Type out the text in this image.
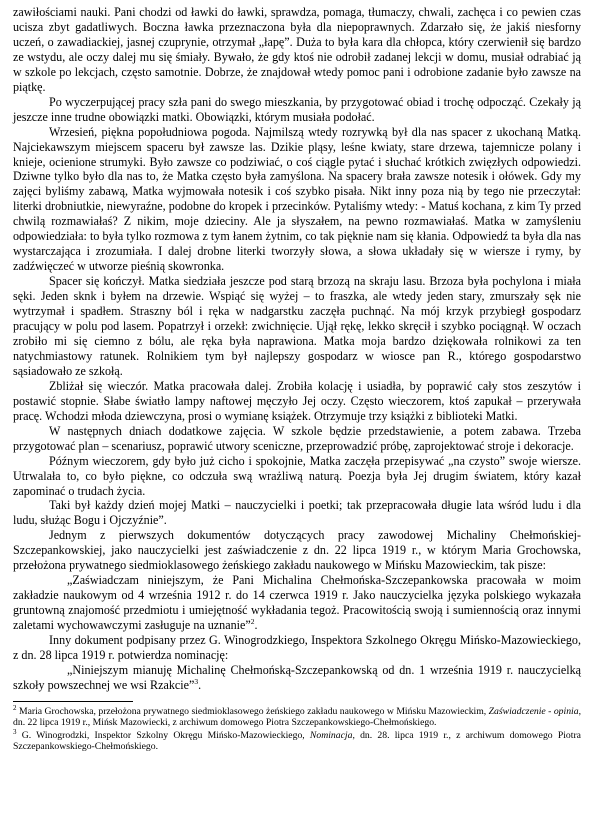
zawiłościami nauki. Pani chodzi od ławki do ławki, sprawdza, pomaga, tłumaczy, chwali, zachęca i co pewien czas ucisza zbyt gadatliwych. Boczna ławka przeznaczona była dla niepoprawnych. Zdarzało się, że jakiś niesforny uczeń, o zawadiackiej, jasnej czuprynie, otrzymał „łapę”. Duża to była kara dla chłopca, który czerwienił się bardzo ze wstydu, ale oczy dalej mu się śmiały. Bywało, że gdy ktoś nie odrobił zadanej lekcji w domu, musiał odrabiać ją w szkole po lekcjach, często samotnie. Dobrze, że znajdował wtedy pomoc pani i odrobione zadanie było zawsze na piątkę.

Po wyczerpującej pracy szła pani do swego mieszkania, by przygotować obiad i trochę odpocząć. Czekały ją jeszcze inne trudne obowiązki matki. Obowiązki, którym musiała podołać.

Wrzesień, piękna popołudniowa pogoda. Najmilszą wtedy rozrywką był dla nas spacer z ukochaną Matką. Najciekawszym miejscem spaceru był zawsze las. Dzikie pląsy, leśne kwiaty, stare drzewa, tajemnicze polany i knieje, ocienione strumyki. Było zawsze co podziwiać, o coś ciągle pytać i słuchać krótkich zwięzłych odpowiedzi. Dziwne tylko było dla nas to, że Matka często była zamyślona. Na spacery brała zawsze notesik i ołówek. Gdy my zajęci byliśmy zabawą, Matka wyjmowała notesik i coś szybko pisała. Nikt inny poza nią by tego nie przeczytał: literki drobniutkie, niewyraźne, podobne do kropek i przecinków. Pytaliśmy wtedy: - Matuś kochana, z kim Ty przed chwilą rozmawiałaś? Z nikim, moje dzieciny. Ale ja słyszałem, na pewno rozmawiałaś. Matka w zamyśleniu odpowiedziała: to była tylko rozmowa z tym łanem żytnim, co tak pięknie nam się kłania. Odpowiedź ta była dla nas wystarczająca i zrozumiała. I dalej drobne literki tworzyły słowa, a słowa układały się w wiersze i rymy, by zadźwięczeć w utworze pieśnią skowronka.

Spacer się kończył. Matka siedziała jeszcze pod starą brzozą na skraju lasu. Brzoza była pochylona i miała sęki. Jeden sknk i byłem na drzewie. Wspiąć się wyżej – to fraszka, ale wtedy jeden stary, zmurszały sęk nie wytrzymał i spadłem. Straszny ból i ręka w nadgarstku zaczęła puchnąć. Na mój krzyk przybiegł gospodarz pracujący w polu pod lasem. Popatrzył i orzekł: zwichnięcie. Ujął rękę, lekko skręcił i szybko pociągnął. W oczach zrobiło mi się ciemno z bólu, ale ręka była naprawiona. Matka moja bardzo dziękowała rolnikowi za ten natychmiastowy ratunek. Rolnikiem tym był najlepszy gospodarz w wiosce pan R., którego gospodarstwo sąsiadowało ze szkołą.

Zbliżał się wieczór. Matka pracowała dalej. Zrobiła kolację i usiadła, by poprawić cały stos zeszytów i postawić stopnie. Słabe światło lampy naftowej męczyło Jej oczy. Często wieczorem, ktoś zapukał – przerywała pracę. Wchodzi młoda dziewczyna, prosi o wymianę książek. Otrzymuje trzy książki z biblioteki Matki.

W następnych dniach dodatkowe zajęcia. W szkole będzie przedstawienie, a potem zabawa. Trzeba przygotować plan – scenariusz, poprawić utwory sceniczne, przeprowadzić próbę, zaprojektować stroje i dekoracje.

Późnym wieczorem, gdy było już cicho i spokojnie, Matka zaczęła przepisywać „na czysto” swoje wiersze. Utrwalała to, co było piękne, co odczuła swą wrażliwą naturą. Poezja była Jej drugim światem, który kazał zapominać o trudach życia.

Taki był każdy dzień mojej Matki – nauczycielki i poetki; tak przepracowała długie lata wśród ludu i dla ludu, służąc Bogu i Ojczyźnie”.

Jednym z pierwszych dokumentów dotyczących pracy zawodowej Michaliny Chełmońskiej-Szczepankowskiej, jako nauczycielki jest zaświadczenie z dn. 22 lipca 1919 r., w którym Maria Grochowska, przełożona prywatnego siedmioklasowego żeńskiego zakładu naukowego w Mińsku Mazowieckim, tak pisze:

„Zaświadczam niniejszym, że Pani Michalina Chełmońska-Szczepankowska pracowała w moim zakładzie naukowym od 4 września 1912 r. do 14 czerwca 1919 r. Jako nauczycielka języka polskiego wykazała gruntowną znajomość przedmiotu i umiejętność wykładania tegoż. Pracowitością swoją i sumiennością oraz innymi zaletami wychowawczymi zasługuje na uznanie”$^2$.

Inny dokument podpisany przez G. Winogrodzkiego, Inspektora Szkolnego Okręgu Mińsko-Mazowieckiego, z dn. 28 lipca 1919 r. potwierdza nominację:

„Niniejszym mianuję Michalinę Chełmońską-Szczepankowską od dn. 1 września 1919 r. nauczycielką szkoły powszechnej we wsi Rzakcie”$^3$.

$^2$ Maria Grochowska, przełożona prywatnego siedmioklasowego żeńskiego zakładu naukowego w Mińsku Mazowieckim, Zaświadczenie - opinia, dn. 22 lipca 1919 r., Mińsk Mazowiecki, z archiwum domowego Piotra Szczepankowskiego-Chełmońskiego.

$^3$ G. Winogrodzki, Inspektor Szkolny Okręgu Mińsko-Mazowieckiego, Nominacja, dn. 28. lipca 1919 r., z archiwum domowego Piotra Szczepankowskiego-Chełmońskiego.
